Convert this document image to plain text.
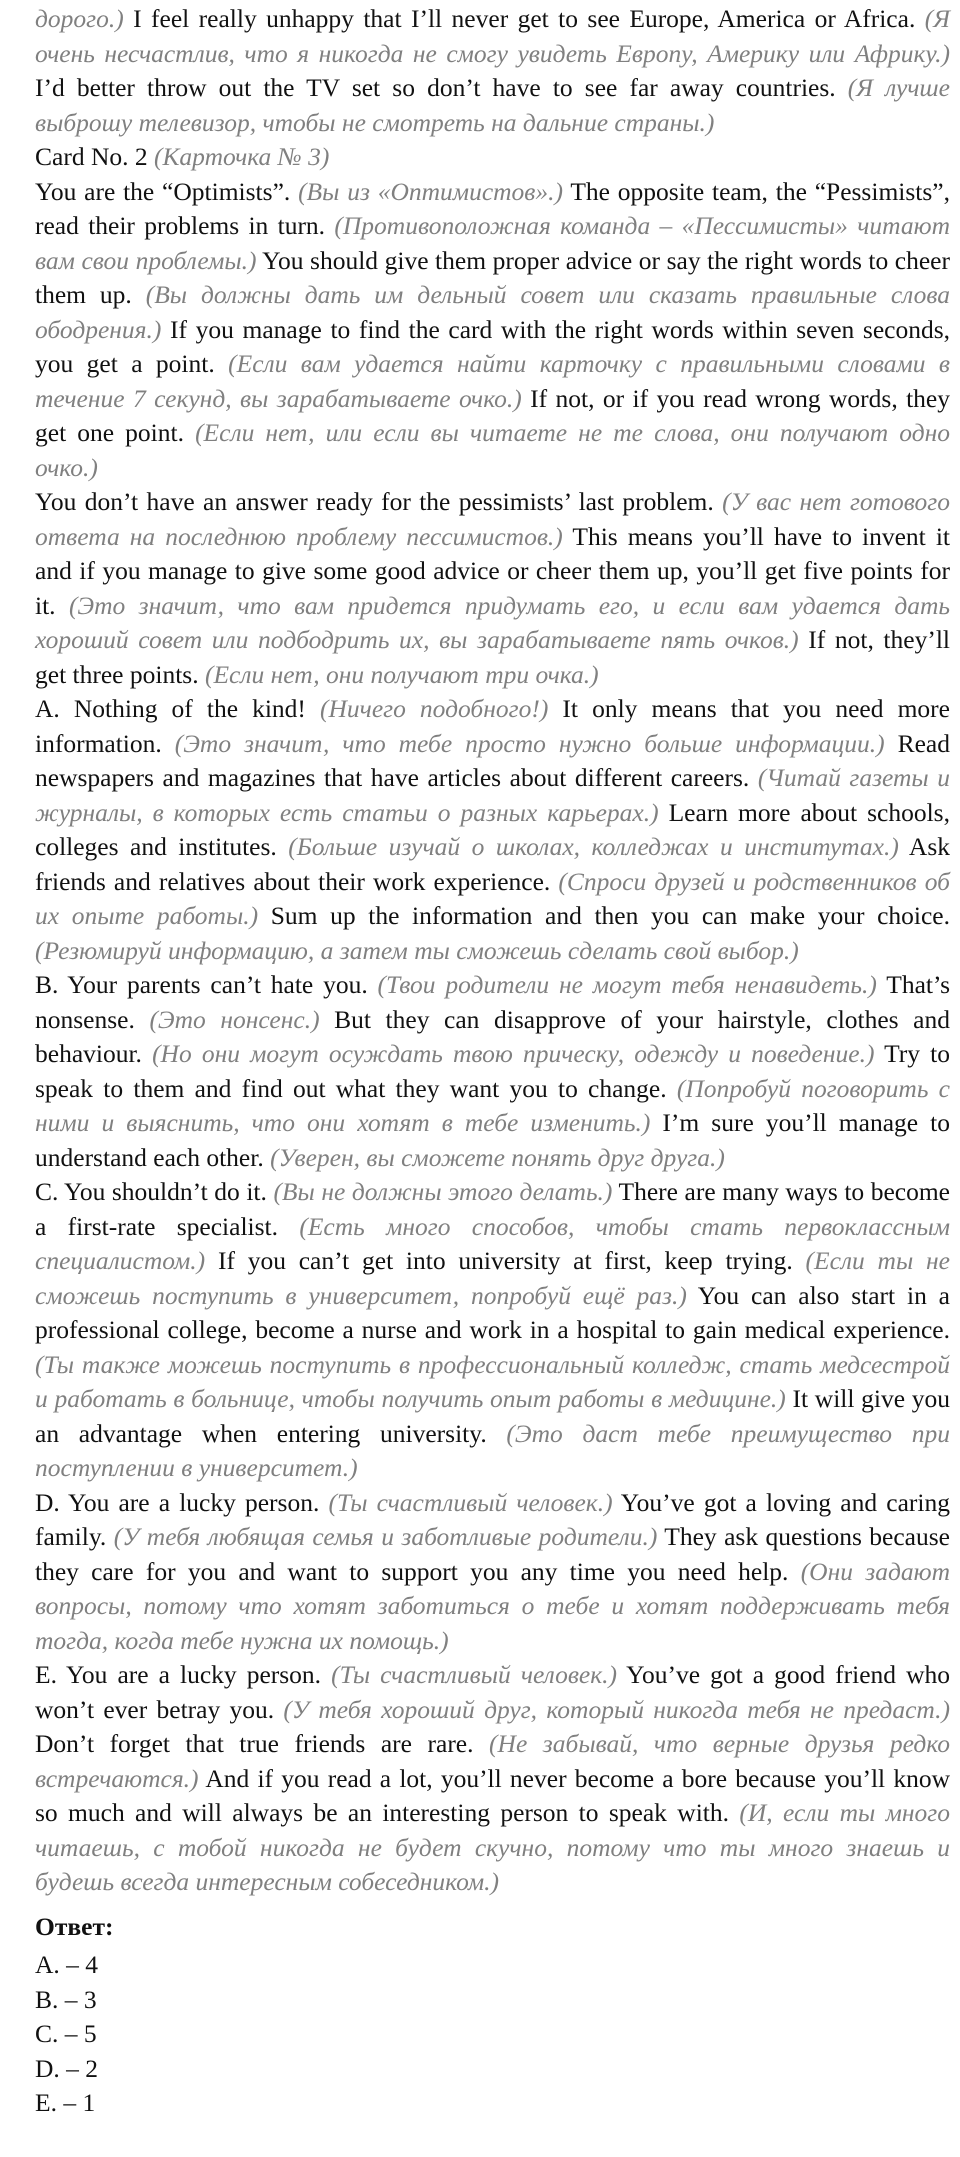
дорого.) I feel really unhappy that I’ll never get to see Europe, America or Africa. (Я очень несчастлив, что я никогда не смогу увидеть Европу, Америку или Африку.) I’d better throw out the TV set so don’t have to see far away countries. (Я лучше выброшу телевизор, чтобы не смотреть на дальние страны.)

Card No. 2 (Карточка № 3)

You are the “Optimists”. (Вы из «Оптимистов».) The opposite team, the “Pessimists”, read their problems in turn. (Противоположная команда – «Пессимисты» читают вам свои проблемы.) You should give them proper advice or say the right words to cheer them up. (Вы должны дать им дельный совет или сказать правильные слова ободрения.) If you manage to find the card with the right words within seven seconds, you get a point. (Если вам удается найти карточку с правильными словами в течение 7 секунд, вы зарабатываете очко.) If not, or if you read wrong words, they get one point. (Если нет, или если вы читаете не те слова, они получают одно очко.)

You don’t have an answer ready for the pessimists’ last problem. (У вас нет готового ответа на последнюю проблему пессимистов.) This means you’ll have to invent it and if you manage to give some good advice or cheer them up, you’ll get five points for it. (Это значит, что вам придется придумать его, и если вам удается дать хороший совет или подбодрить их, вы зарабатываете пять очков.) If not, they’ll get three points. (Если нет, они получают три очка.)

A. Nothing of the kind! (Ничего подобного!) It only means that you need more information. (Это значит, что тебе просто нужно больше информации.) Read newspapers and magazines that have articles about different careers. (Читай газеты и журналы, в которых есть статьи о разных карьерах.) Learn more about schools, colleges and institutes. (Больше изучай о школах, колледжах и институтах.) Ask friends and relatives about their work experience. (Спроси друзей и родственников об их опыте работы.) Sum up the information and then you can make your choice. (Резюмируй информацию, а затем ты сможешь сделать свой выбор.)

B. Your parents can’t hate you. (Твои родители не могут тебя ненавидеть.) That’s nonsense. (Это нонсенс.) But they can disapprove of your hairstyle, clothes and behaviour. (Но они могут осуждать твою прическу, одежду и поведение.) Try to speak to them and find out what they want you to change. (Попробуй поговорить с ними и выяснить, что они хотят в тебе изменить.) I’m sure you’ll manage to understand each other. (Уверен, вы сможете понять друг друга.)

C. You shouldn’t do it. (Вы не должны этого делать.) There are many ways to become a first-rate specialist. (Есть много способов, чтобы стать первоклассным специалистом.) If you can’t get into university at first, keep trying. (Если ты не сможешь поступить в университет, попробуй ещё раз.) You can also start in a professional college, become a nurse and work in a hospital to gain medical experience. (Ты также можешь поступить в профессиональный колледж, стать медсестрой и работать в больнице, чтобы получить опыт работы в медицине.) It will give you an advantage when entering university. (Это даст тебе преимущество при поступлении в университет.)

D. You are a lucky person. (Ты счастливый человек.) You’ve got a loving and caring family. (У тебя любящая семья и заботливые родители.) They ask questions because they care for you and want to support you any time you need help. (Они задают вопросы, потому что хотят заботиться о тебе и хотят поддерживать тебя тогда, когда тебе нужна их помощь.)

E. You are a lucky person. (Ты счастливый человек.) You’ve got a good friend who won’t ever betray you. (У тебя хороший друг, который никогда тебя не предаст.) Don’t forget that true friends are rare. (Не забывай, что верные друзья редко встречаются.) And if you read a lot, you’ll never become a bore because you’ll know so much and will always be an interesting person to speak with. (И, если ты много читаешь, с тобой никогда не будет скучно, потому что ты много знаешь и будешь всегда интересным собеседником.)

Ответ:

A. – 4

B. – 3

C. – 5

D. – 2

E. – 1
